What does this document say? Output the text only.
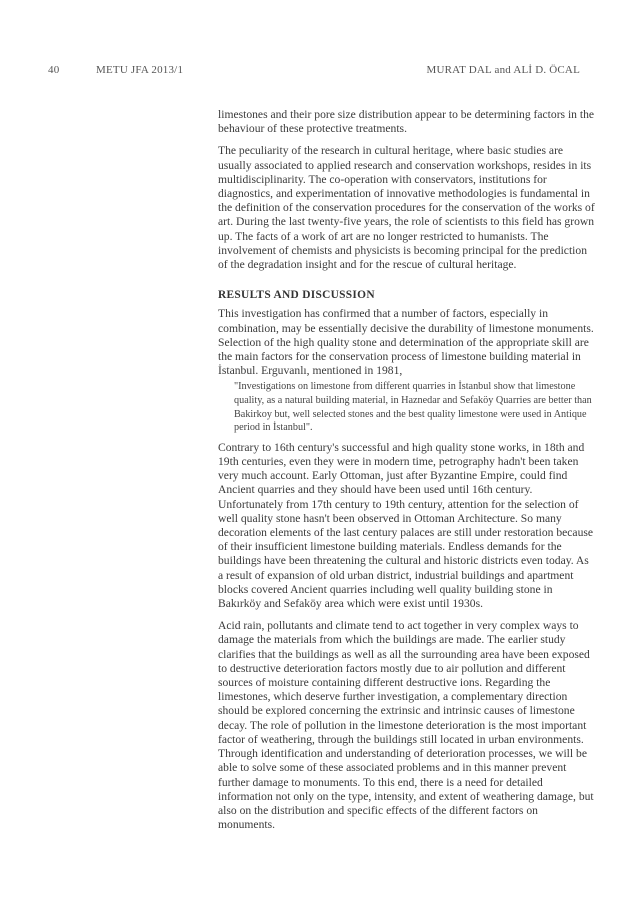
40	METU JFA 2013/1	MURAT DAL and ALİ D. ÖCAL

limestones and their pore size distribution appear to be determining factors in the behaviour of these protective treatments.

The peculiarity of the research in cultural heritage, where basic studies are usually associated to applied research and conservation workshops, resides in its multidisciplinarity. The co-operation with conservators, institutions for diagnostics, and experimentation of innovative methodologies is fundamental in the definition of the conservation procedures for the conservation of the works of art. During the last twenty-five years, the role of scientists to this field has grown up. The facts of a work of art are no longer restricted to humanists. The involvement of chemists and physicists is becoming principal for the prediction of the degradation insight and for the rescue of cultural heritage.

RESULTS AND DISCUSSION

This investigation has confirmed that a number of factors, especially in combination, may be essentially decisive the durability of limestone monuments. Selection of the high quality stone and determination of the appropriate skill are the main factors for the conservation process of limestone building material in İstanbul. Erguvanlı, mentioned in 1981,

"Investigations on limestone from different quarries in İstanbul show that limestone quality, as a natural building material, in Haznedar and Sefaköy Quarries are better than Bakirkoy but, well selected stones and the best quality limestone were used in Antique period in İstanbul".

Contrary to 16th century's successful and high quality stone works, in 18th and 19th centuries, even they were in modern time, petrography hadn't been taken very much account. Early Ottoman, just after Byzantine Empire, could find Ancient quarries and they should have been used until 16th century. Unfortunately from 17th century to 19th century, attention for the selection of well quality stone hasn't been observed in Ottoman Architecture. So many decoration elements of the last century palaces are still under restoration because of their insufficient limestone building materials. Endless demands for the buildings have been threatening the cultural and historic districts even today. As a result of expansion of old urban district, industrial buildings and apartment blocks covered Ancient quarries including well quality building stone in Bakırköy and Sefaköy area which were exist until 1930s.

Acid rain, pollutants and climate tend to act together in very complex ways to damage the materials from which the buildings are made. The earlier study clarifies that the buildings as well as all the surrounding area have been exposed to destructive deterioration factors mostly due to air pollution and different sources of moisture containing different destructive ions. Regarding the limestones, which deserve further investigation, a complementary direction should be explored concerning the extrinsic and intrinsic causes of limestone decay. The role of pollution in the limestone deterioration is the most important factor of weathering, through the buildings still located in urban environments. Through identification and understanding of deterioration processes, we will be able to solve some of these associated problems and in this manner prevent further damage to monuments. To this end, there is a need for detailed information not only on the type, intensity, and extent of weathering damage, but also on the distribution and specific effects of the different factors on monuments.
